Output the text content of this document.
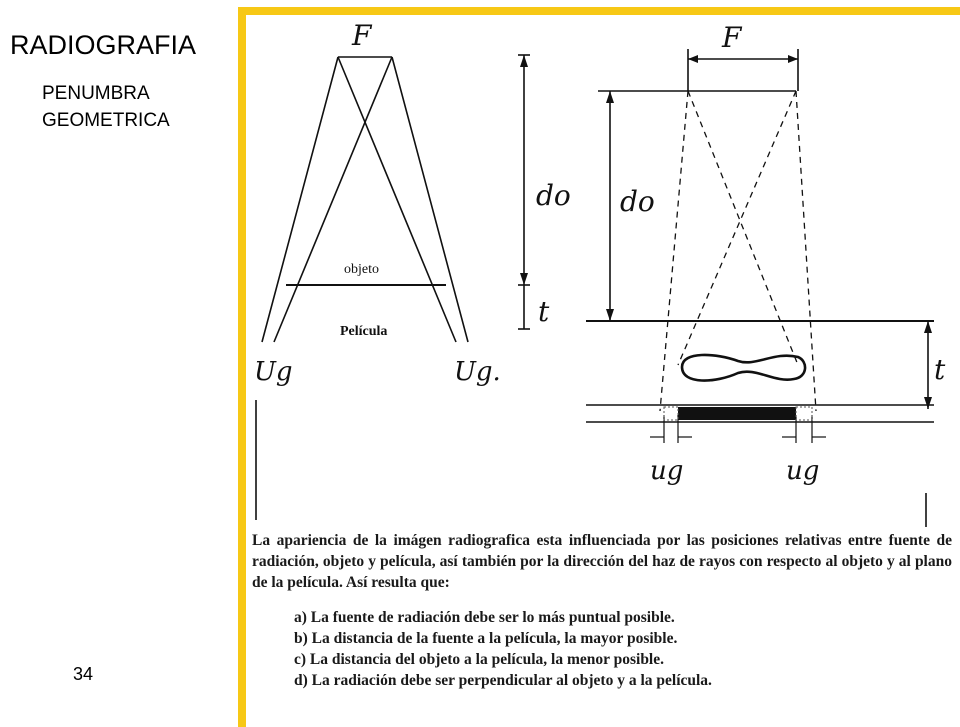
RADIOGRAFIA
PENUMBRA GEOMETRICA
34
F
do
t
objeto
Película
Ug	Ug.
F
do
t
ug	ug
La apariencia de la imágen radiografica esta influenciada por las posiciones relativas entre fuente de radiación, objeto y película, así también por la dirección del haz de rayos con respecto al objeto y al plano de la película. Así resulta que:
a) La fuente de radiación debe ser lo más puntual posible.
b) La distancia de la fuente a la película, la mayor posible.
c) La distancia del objeto a la película, la menor posible.
d) La radiación debe ser perpendicular al objeto y a la película.
